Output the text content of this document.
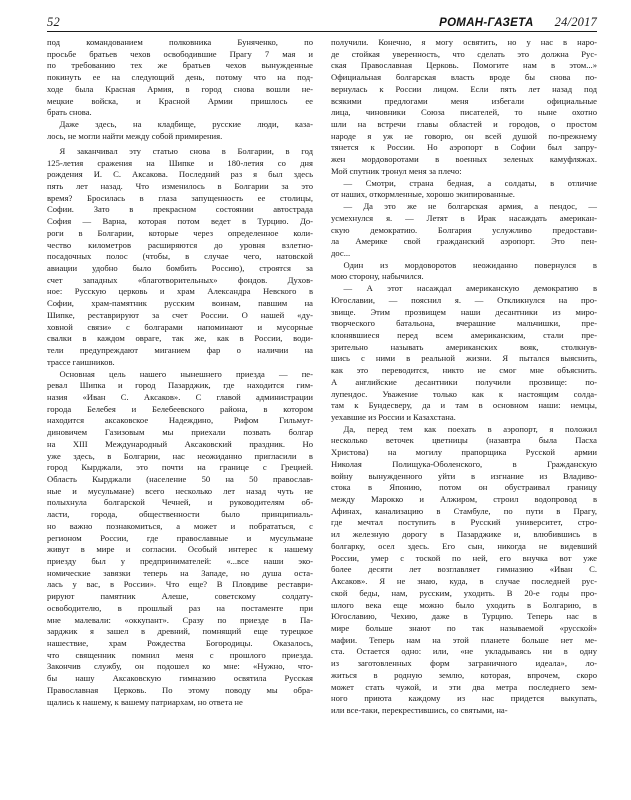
52	РОМАН-ГАЗЕТА 24/2017

под командованием полковника Буняченко, по
просьбе братьев чехов освободившие Прагу 7 мая и
по требованию тех же братьев чехов вынужденные
покинуть ее на следующий день, потому что на под-
ходе была Красная Армия, в город снова вошли не-
мецкие войска, и Красной Армии пришлось ее
брать снова.

Даже здесь, на кладбище, русские люди, каза-
лось, не могли найти между собой примирения.

Я заканчивал эту статью снова в Болгарии, в год
125-летия сражения на Шипке и 180-летия со дня
рождения И. С. Аксакова. Последний раз я был здесь
пять лет назад. Что изменилось в Болгарии за это
время? Бросилась в глаза запущенность ее столицы,
Софии. Зато в прекрасном состоянии автострада
София — Варна, которая потом ведет в Турцию. До-
роги в Болгарии, которые через определенное коли-
чество километров расширяются до уровня взлетно-
посадочных полос (чтобы, в случае чего, натовской
авиации удобно было бомбить Россию), строятся за
счет западных «благотворительных» фондов. Духов-
ное: Русскую церковь и храм Александра Невского в
Софии, храм-памятник русским воинам, павшим на
Шипке, реставрируют за счет России. О нашей «ду-
ховной связи» с болгарами напоминают и мусорные
свалки в каждом овраге, так же, как в России, води-
тели предупреждают миганием фар о наличии на
трассе гаишников.

Основная цель нашего нынешнего приезда — пе-
ревал Шипка и город Пазарджик, где находится гим-
назия «Иван С. Аксаков». С главой администрации
города Белебея и Белебеевского района, в котором
находится аксаковское Надеждино, Рифом Гильмут-
диновичем Газизовым мы приехали позвать болгар
на XIII Международный Аксаковский праздник. Но
уже здесь, в Болгарии, нас неожиданно пригласили в
город Кырджали, это почти на границе с Грецией.
Область Кырджали (население 50 на 50 православ-
ные и мусульмане) всего несколько лет назад чуть не
полыхнула болгарской Чечней, и руководителям об-
ласти, города, общественности было принципиаль-
но важно познакомиться, а может и побрататься, с
регионом России, где православные и мусульмане
живут в мире и согласии. Особый интерес к нашему
приезду был у предпринимателей: «...все наши эко-
номические завязки теперь на Западе, но душа оста-
лась у вас, в России». Что еще? В Пловдиве реставри-
рируют памятник Алеше, советскому солдату-
освободителю, в прошлый раз на постаменте при
мне малевали: «оккупант». Сразу по приезде в Па-
зарджик я зашел в древний, помнящий еще турецкое
нашествие, храм Рождества Богородицы. Оказалось,
что священник помнил меня с прошлого приезда.
Закончив службу, он подошел ко мне: «Нужно, что-
бы нашу Аксаковскую гимназию освятила Русская
Православная Церковь. По этому поводу мы обра-
щались к нашему, к вашему патриархам, но ответа не

получили. Конечно, я могу освятить, но у нас в наро-
де стойкая уверенность, что сделать это должна Рус-
ская Православная Церковь. Помогите нам в этом...»
Официальная болгарская власть вроде бы снова по-
вернулась к России лицом. Если пять лет назад под
всякими предлогами меня избегали официальные
лица, чиновники Союза писателей, то ныне охотно
шли на встречи главы областей и городов, о простом
народе я уж не говорю, он всей душой по-прежнему
тянется к России. Но аэропорт в Софии был запру-
жен мордоворотами в военных зеленых камуфляжах.
Мой спутник тронул меня за плечо:

— Смотри, страна бедная, а солдаты, в отличие
от наших, откормленные, хорошо экипированные.

— Да это же не болгарская армия, а пендос, —
усмехнулся я. — Летят в Ирак насаждать американ-
скую демократию. Болгария услужливо предостави-
ла Америке свой гражданский аэропорт. Это пен-
дос...

Один из мордоворотов неожиданно повернулся в
мою сторону, набычился.

— А этот насаждал американскую демократию в
Югославии, — пояснил я. — Откликнулся на про-
звище. Этим прозвищем наши десантники из миро-
творческого батальона, вчерашние мальчишки, пре-
клонявшиеся перед всем американским, стали пре-
зрительно называть американских вояк, столкнув-
шись с ними в реальной жизни. Я пытался выяснить,
как это переводится, никто не смог мне объяснить.
А английские десантники получили прозвище: по-
лупендос. Уважение только как к настоящим солда-
там к Бундесверу, да и там в основном наши: немцы,
уехавшие из России и Казахстана.

Да, перед тем как поехать в аэропорт, я положил
несколько веточек цветницы (назавтра была Пасха
Христова) на могилу прапорщика Русской армии
Николая Полищука-Оболенского, в Гражданскую
войну вынужденного уйти в изгнание из Владиво-
стока в Японию, потом он обустраивал границу
между Марокко и Алжиром, строил водопровод в
Афинах, канализацию в Стамбуле, по пути в Прагу,
где мечтал поступить в Русский университет, стро-
ил железную дорогу в Пазарджике и, влюбившись в
болгарку, осел здесь. Его сын, никогда не видевший
России, умер с тоской по ней, его внучка вот уже
более десяти лет возглавляет гимназию «Иван С.
Аксаков». Я не знаю, куда, в случае последней рус-
ской беды, нам, русским, уходить. В 20-е годы про-
шлого века еще можно было уходить в Болгарию, в
Югославию, Чехию, даже в Турцию. Теперь нас в
мире больше знают по так называемой «русской»
мафии. Теперь нам на этой планете больше нет ме-
ста. Остается одно: или, «не укладываясь ни в одну
из заготовленных форм заграничного идеала», ло-
житься в родную землю, которая, впрочем, скоро
может стать чужой, и эти два метра последнего зем-
ного приюта каждому из нас придется выкупать,
или все-таки, перекрестившись, со святыми, на-
